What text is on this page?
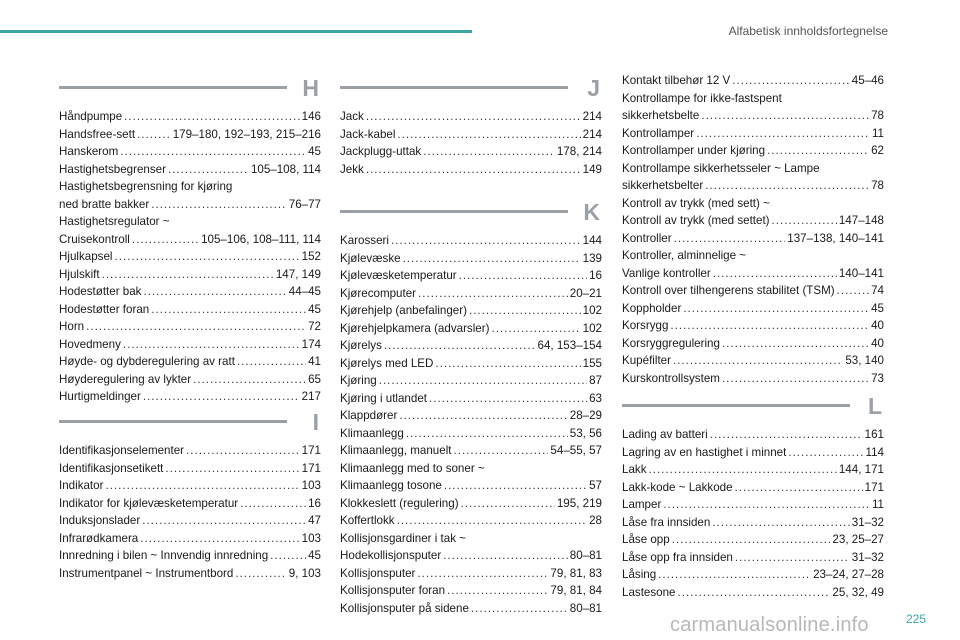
Alfabetisk innholdsfortegnelse
H
Håndpumpe .....	146
Handsfree-sett .....	179–180, 192–193, 215–216
Hanskerom .....	45
Hastighetsbegrenser .....	105–108, 114
Hastighetsbegrensning for kjøring
ned bratte bakker .....	76–77
Hastighetsregulator ~
Cruisekontroll .....	105–106, 108–111, 114
Hjulkapsel .....	152
Hjulskift .....	147, 149
Hodestøtter bak .....	44–45
Hodestøtter foran .....	45
Horn .....	72
Hovedmeny .....	174
Høyde- og dybderegulering av ratt .....	41
Høyderegulering av lykter .....	65
Hurtigmeldinger .....	217
I
Identifikasjonselementer .....	171
Identifikasjonsetikett .....	171
Indikator .....	103
Indikator for kjølevæsketemperatur .....	16
Induksjonslader .....	47
Infrarødkamera .....	103
Innredning i bilen ~ Innvendig innredning .....	45
Instrumentpanel ~ Instrumentbord .....	9, 103
J
Jack .....	214
Jack-kabel .....	214
Jackplugg-uttak .....	178, 214
Jekk .....	149
K
Karosseri .....	144
Kjølevæske .....	139
Kjølevæsketemperatur .....	16
Kjørecomputer .....	20–21
Kjørehjelp (anbefalinger) .....	102
Kjørehjelpkamera (advarsler) .....	102
Kjørelys .....	64, 153–154
Kjørelys med LED .....	155
Kjøring .....	87
Kjøring i utlandet .....	63
Klappdører .....	28–29
Klimaanlegg .....	53, 56
Klimaanlegg, manuelt .....	54–55, 57
Klimaanlegg med to soner ~
Klimaanlegg tosone .....	57
Klokkeslett (regulering) .....	195, 219
Koffertlokk .....	28
Kollisjonsgardiner i tak ~
Hodekollisjonsputer .....	80–81
Kollisjonsputer .....	79, 81, 83
Kollisjonsputer foran .....	79, 81, 84
Kollisjonsputer på sidene .....	80–81
Kontakt tilbehør 12 V .....	45–46
Kontrollampe for ikke-fastspent
sikkerhetsbelte .....	78
Kontrollamper .....	11
Kontrollamper under kjøring .....	62
Kontrollampe sikkerhetsseler ~ Lampe
sikkerhetsbelter .....	78
Kontroll av trykk (med sett) ~
Kontroll av trykk (med settet) .....	147–148
Kontroller .....	137–138, 140–141
Kontroller, alminnelige ~
Vanlige kontroller .....	140–141
Kontroll over tilhengerens stabilitet (TSM) .....	74
Koppholder .....	45
Korsrygg .....	40
Korsryggregulering .....	40
Kupéfilter .....	53, 140
Kurskontrollsystem .....	73
L
Lading av batteri .....	161
Lagring av en hastighet i minnet .....	114
Lakk .....	144, 171
Lakk-kode ~ Lakkode .....	171
Lamper .....	11
Låse fra innsiden .....	31–32
Låse opp .....	23, 25–27
Låse opp fra innsiden .....	31–32
Låsing .....	23–24, 27–28
Lastesone .....	25, 32, 49
carmanualsonline.info	225
